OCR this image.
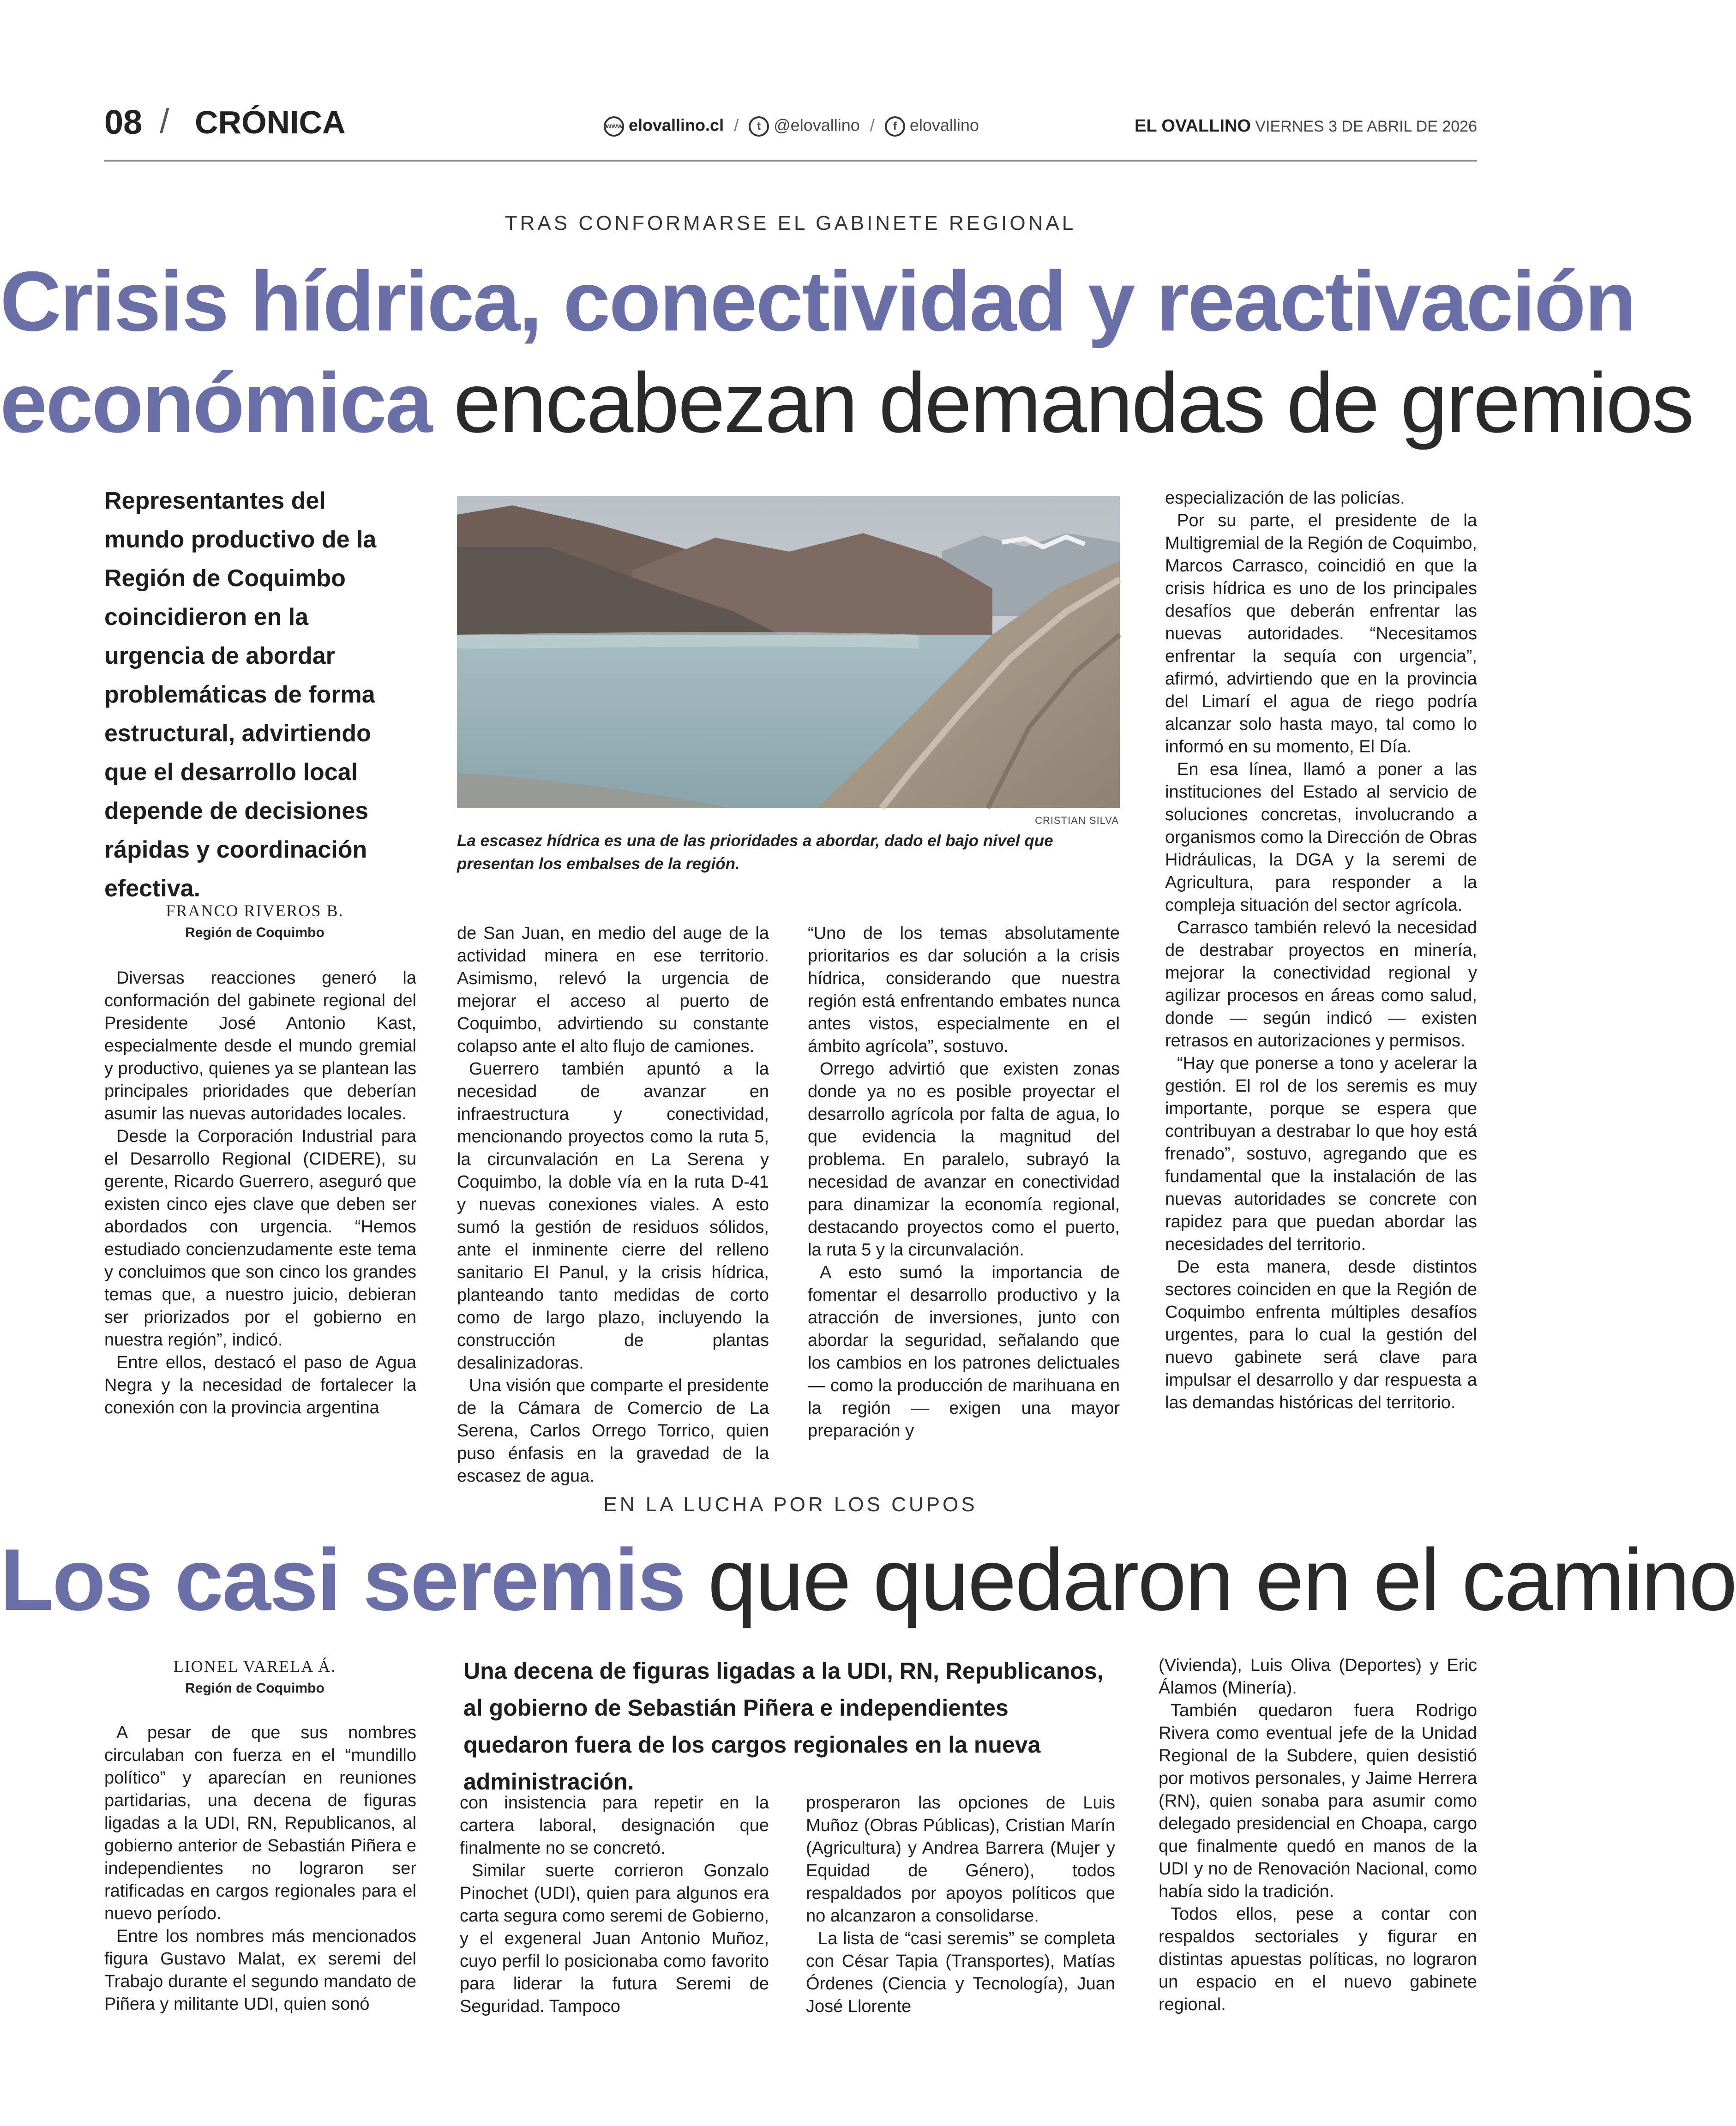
08 / CRÓNICA	www elovallino.cl / t @elovallino / f elovallino	EL OVALLINO VIERNES 3 DE ABRIL DE 2026
TRAS CONFORMARSE EL GABINETE REGIONAL
Crisis hídrica, conectividad y reactivación
económica encabezan demandas de gremios
Representantes del mundo productivo de la Región de Coquimbo coincidieron en la urgencia de abordar problemáticas de forma estructural, advirtiendo que el desarrollo local depende de decisiones rápidas y coordinación efectiva.
FRANCO RIVEROS B.
Región de Coquimbo
CRISTIAN SILVA
La escasez hídrica es una de las prioridades a abordar, dado el bajo nivel que presentan los embalses de la región.

Diversas reacciones generó la conformación del gabinete regional del Presidente José Antonio Kast, especialmente desde el mundo gremial y productivo, quienes ya se plantean las principales prioridades que deberían asumir las nuevas autoridades locales.

Desde la Corporación Industrial para el Desarrollo Regional (CIDERE), su gerente, Ricardo Guerrero, aseguró que existen cinco ejes clave que deben ser abordados con urgencia. “Hemos estudiado concienzudamente este tema y concluimos que son cinco los grandes temas que, a nuestro juicio, debieran ser priorizados por el gobierno en nuestra región”, indicó.

Entre ellos, destacó el paso de Agua Negra y la necesidad de fortalecer la conexión con la provincia argentina

de San Juan, en medio del auge de la actividad minera en ese territorio. Asimismo, relevó la urgencia de mejorar el acceso al puerto de Coquimbo, advirtiendo su constante colapso ante el alto flujo de camiones.

Guerrero también apuntó a la necesidad de avanzar en infraestructura y conectividad, mencionando proyectos como la ruta 5, la circunvalación en La Serena y Coquimbo, la doble vía en la ruta D-41 y nuevas conexiones viales. A esto sumó la gestión de residuos sólidos, ante el inminente cierre del relleno sanitario El Panul, y la crisis hídrica, planteando tanto medidas de corto como de largo plazo, incluyendo la construcción de plantas desalinizadoras.

Una visión que comparte el presidente de la Cámara de Comercio de La Serena, Carlos Orrego Torrico, quien puso énfasis en la gravedad de la escasez de agua.

“Uno de los temas absolutamente prioritarios es dar solución a la crisis hídrica, considerando que nuestra región está enfrentando embates nunca antes vistos, especialmente en el ámbito agrícola”, sostuvo.

Orrego advirtió que existen zonas donde ya no es posible proyectar el desarrollo agrícola por falta de agua, lo que evidencia la magnitud del problema. En paralelo, subrayó la necesidad de avanzar en conectividad para dinamizar la economía regional, destacando proyectos como el puerto, la ruta 5 y la circunvalación.

A esto sumó la importancia de fomentar el desarrollo productivo y la atracción de inversiones, junto con abordar la seguridad, señalando que los cambios en los patrones delictuales — como la producción de marihuana en la región — exigen una mayor preparación y

especialización de las policías.

Por su parte, el presidente de la Multigremial de la Región de Coquimbo, Marcos Carrasco, coincidió en que la crisis hídrica es uno de los principales desafíos que deberán enfrentar las nuevas autoridades. “Necesitamos enfrentar la sequía con urgencia”, afirmó, advirtiendo que en la provincia del Limarí el agua de riego podría alcanzar solo hasta mayo, tal como lo informó en su momento, El Día.

En esa línea, llamó a poner a las instituciones del Estado al servicio de soluciones concretas, involucrando a organismos como la Dirección de Obras Hidráulicas, la DGA y la seremi de Agricultura, para responder a la compleja situación del sector agrícola.

Carrasco también relevó la necesidad de destrabar proyectos en minería, mejorar la conectividad regional y agilizar procesos en áreas como salud, donde — según indicó — existen retrasos en autorizaciones y permisos.

“Hay que ponerse a tono y acelerar la gestión. El rol de los seremis es muy importante, porque se espera que contribuyan a destrabar lo que hoy está frenado”, sostuvo, agregando que es fundamental que la instalación de las nuevas autoridades se concrete con rapidez para que puedan abordar las necesidades del territorio.

De esta manera, desde distintos sectores coinciden en que la Región de Coquimbo enfrenta múltiples desafíos urgentes, para lo cual la gestión del nuevo gabinete será clave para impulsar el desarrollo y dar respuesta a las demandas históricas del territorio.

EN LA LUCHA POR LOS CUPOS
Los casi seremis que quedaron en el camino
LIONEL VARELA Á.
Región de Coquimbo
Una decena de figuras ligadas a la UDI, RN, Republicanos, al gobierno de Sebastián Piñera e independientes quedaron fuera de los cargos regionales en la nueva administración.

A pesar de que sus nombres circulaban con fuerza en el “mundillo político” y aparecían en reuniones partidarias, una decena de figuras ligadas a la UDI, RN, Republicanos, al gobierno anterior de Sebastián Piñera e independientes no lograron ser ratificadas en cargos regionales para el nuevo período.

Entre los nombres más mencionados figura Gustavo Malat, ex seremi del Trabajo durante el segundo mandato de Piñera y militante UDI, quien sonó

con insistencia para repetir en la cartera laboral, designación que finalmente no se concretó.

Similar suerte corrieron Gonzalo Pinochet (UDI), quien para algunos era carta segura como seremi de Gobierno, y el exgeneral Juan Antonio Muñoz, cuyo perfil lo posicionaba como favorito para liderar la futura Seremi de Seguridad. Tampoco

prosperaron las opciones de Luis Muñoz (Obras Públicas), Cristian Marín (Agricultura) y Andrea Barrera (Mujer y Equidad de Género), todos respaldados por apoyos políticos que no alcanzaron a consolidarse.

La lista de “casi seremis” se completa con César Tapia (Transportes), Matías Órdenes (Ciencia y Tecnología), Juan José Llorente

(Vivienda), Luis Oliva (Deportes) y Eric Álamos (Minería).

También quedaron fuera Rodrigo Rivera como eventual jefe de la Unidad Regional de la Subdere, quien desistió por motivos personales, y Jaime Herrera (RN), quien sonaba para asumir como delegado presidencial en Choapa, cargo que finalmente quedó en manos de la UDI y no de Renovación Nacional, como había sido la tradición.

Todos ellos, pese a contar con respaldos sectoriales y figurar en distintas apuestas políticas, no lograron un espacio en el nuevo gabinete regional.
